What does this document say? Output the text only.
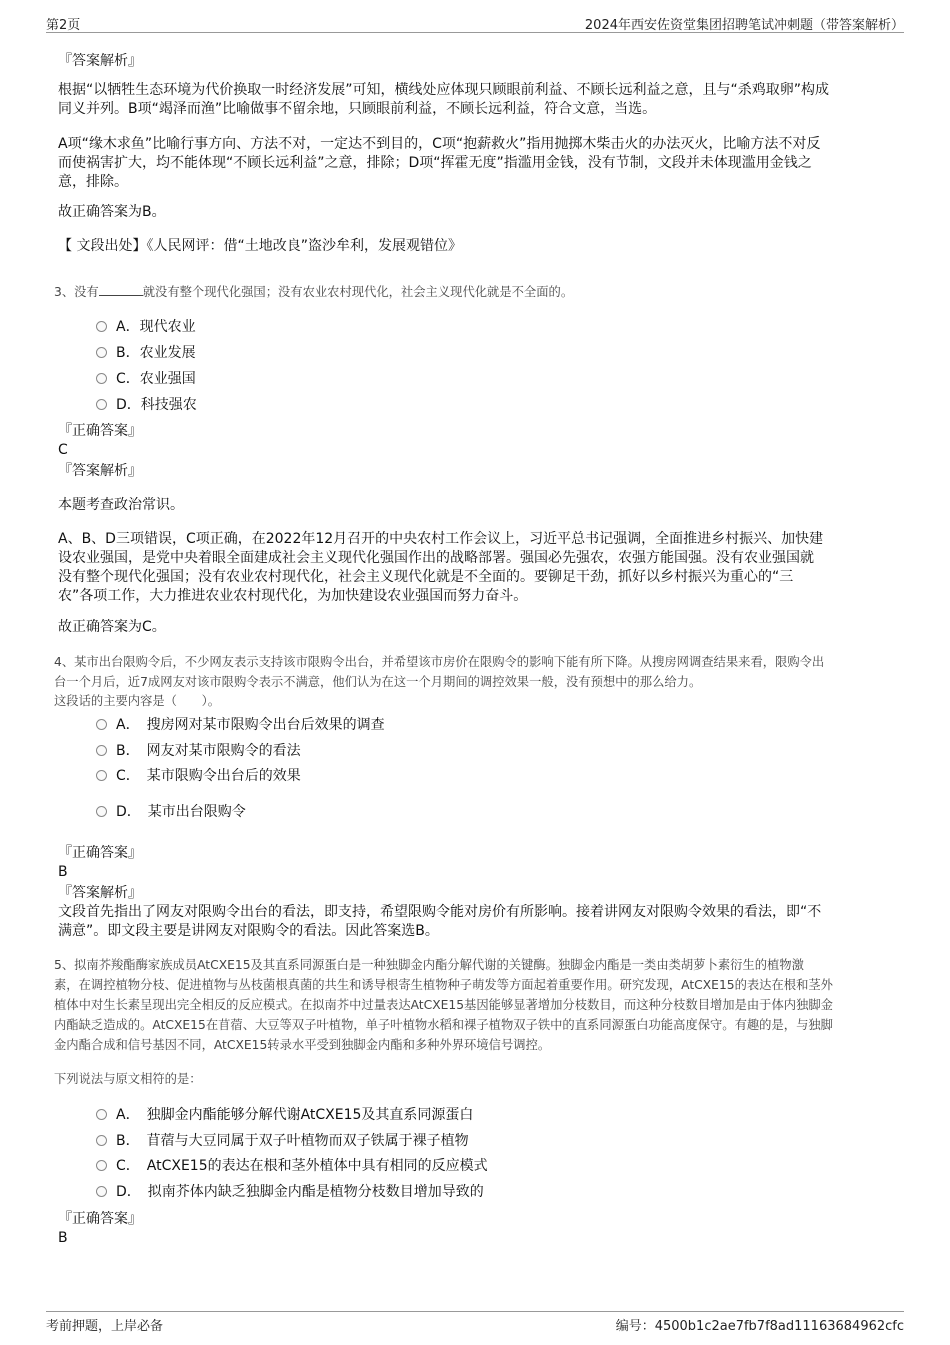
第2页	2024年西安佐资堂集团招聘笔试冲刺题（带答案解析）
『答案解析』
根据“以牺牲生态环境为代价换取一时经济发展”可知，横线处应体现只顾眼前利益、不顾长远利益之意，且与“杀鸡取卵”构成
同义并列。B项“竭泽而渔”比喻做事不留余地，只顾眼前利益，不顾长远利益，符合文意，当选。
A项“缘木求鱼”比喻行事方向、方法不对，一定达不到目的，C项“抱薪救火”指用抛掷木柴击火的办法灭火，比喻方法不对反
而使祸害扩大，均不能体现“不顾长远利益”之意，排除；D项“挥霍无度”指滥用金钱，没有节制，文段并未体现滥用金钱之
意，排除。
故正确答案为B。
【 文段出处】《人民网评：借“土地改良”盗沙牟利，发展观错位》
3、没有	就没有整个现代化强国；没有农业农村现代化，社会主义现代化就是不全面的。
A．现代农业
B．农业发展
C．农业强国
D．科技强农
『正确答案』
C
『答案解析』
本题考查政治常识。
A、B、D三项错误，C项正确，在2022年12月召开的中央农村工作会议上，习近平总书记强调，全面推进乡村振兴、加快建
设农业强国，是党中央着眼全面建成社会主义现代化强国作出的战略部署。强国必先强农，农强方能国强。没有农业强国就
没有整个现代化强国；没有农业农村现代化，社会主义现代化就是不全面的。要铆足干劲，抓好以乡村振兴为重心的“三
农”各项工作，大力推进农业农村现代化，为加快建设农业强国而努力奋斗。
故正确答案为C。
4、某市出台限购令后，不少网友表示支持该市限购令出台，并希望该市房价在限购令的影响下能有所下降。从搜房网调查结果来看，限购令出
台一个月后，近7成网友对该市限购令表示不满意，他们认为在这一个月期间的调控效果一般，没有预想中的那么给力。
这段话的主要内容是（　　）。
A．　搜房网对某市限购令出台后效果的调查
B．　网友对某市限购令的看法
C．　某市限购令出台后的效果
D．　某市出台限购令
『正确答案』
B
『答案解析』
文段首先指出了网友对限购令出台的看法，即支持，希望限购令能对房价有所影响。接着讲网友对限购令效果的看法，即“不
满意”。即文段主要是讲网友对限购令的看法。因此答案选B。
5、拟南芥羧酯酶家族成员AtCXE15及其直系同源蛋白是一种独脚金内酯分解代谢的关键酶。独脚金内酯是一类由类胡萝卜素衍生的植物激
素，在调控植物分枝、促进植物与丛枝菌根真菌的共生和诱导根寄生植物种子萌发等方面起着重要作用。研究发现，AtCXE15的表达在根和茎外
植体中对生长素呈现出完全相反的反应模式。在拟南芥中过量表达AtCXE15基因能够显著增加分枝数目，而这种分枝数目增加是由于体内独脚金
内酯缺乏造成的。AtCXE15在苜蓿、大豆等双子叶植物，单子叶植物水稻和裸子植物双子铁中的直系同源蛋白功能高度保守。有趣的是，与独脚
金内酯合成和信号基因不同，AtCXE15转录水平受到独脚金内酯和多种外界环境信号调控。
下列说法与原文相符的是：
A．　独脚金内酯能够分解代谢AtCXE15及其直系同源蛋白
B．　苜蓿与大豆同属于双子叶植物而双子铁属于裸子植物
C．　AtCXE15的表达在根和茎外植体中具有相同的反应模式
D．　拟南芥体内缺乏独脚金内酯是植物分枝数目增加导致的
『正确答案』
B
考前押题，上岸必备	编号：4500b1c2ae7fb7f8ad11163684962cfc
